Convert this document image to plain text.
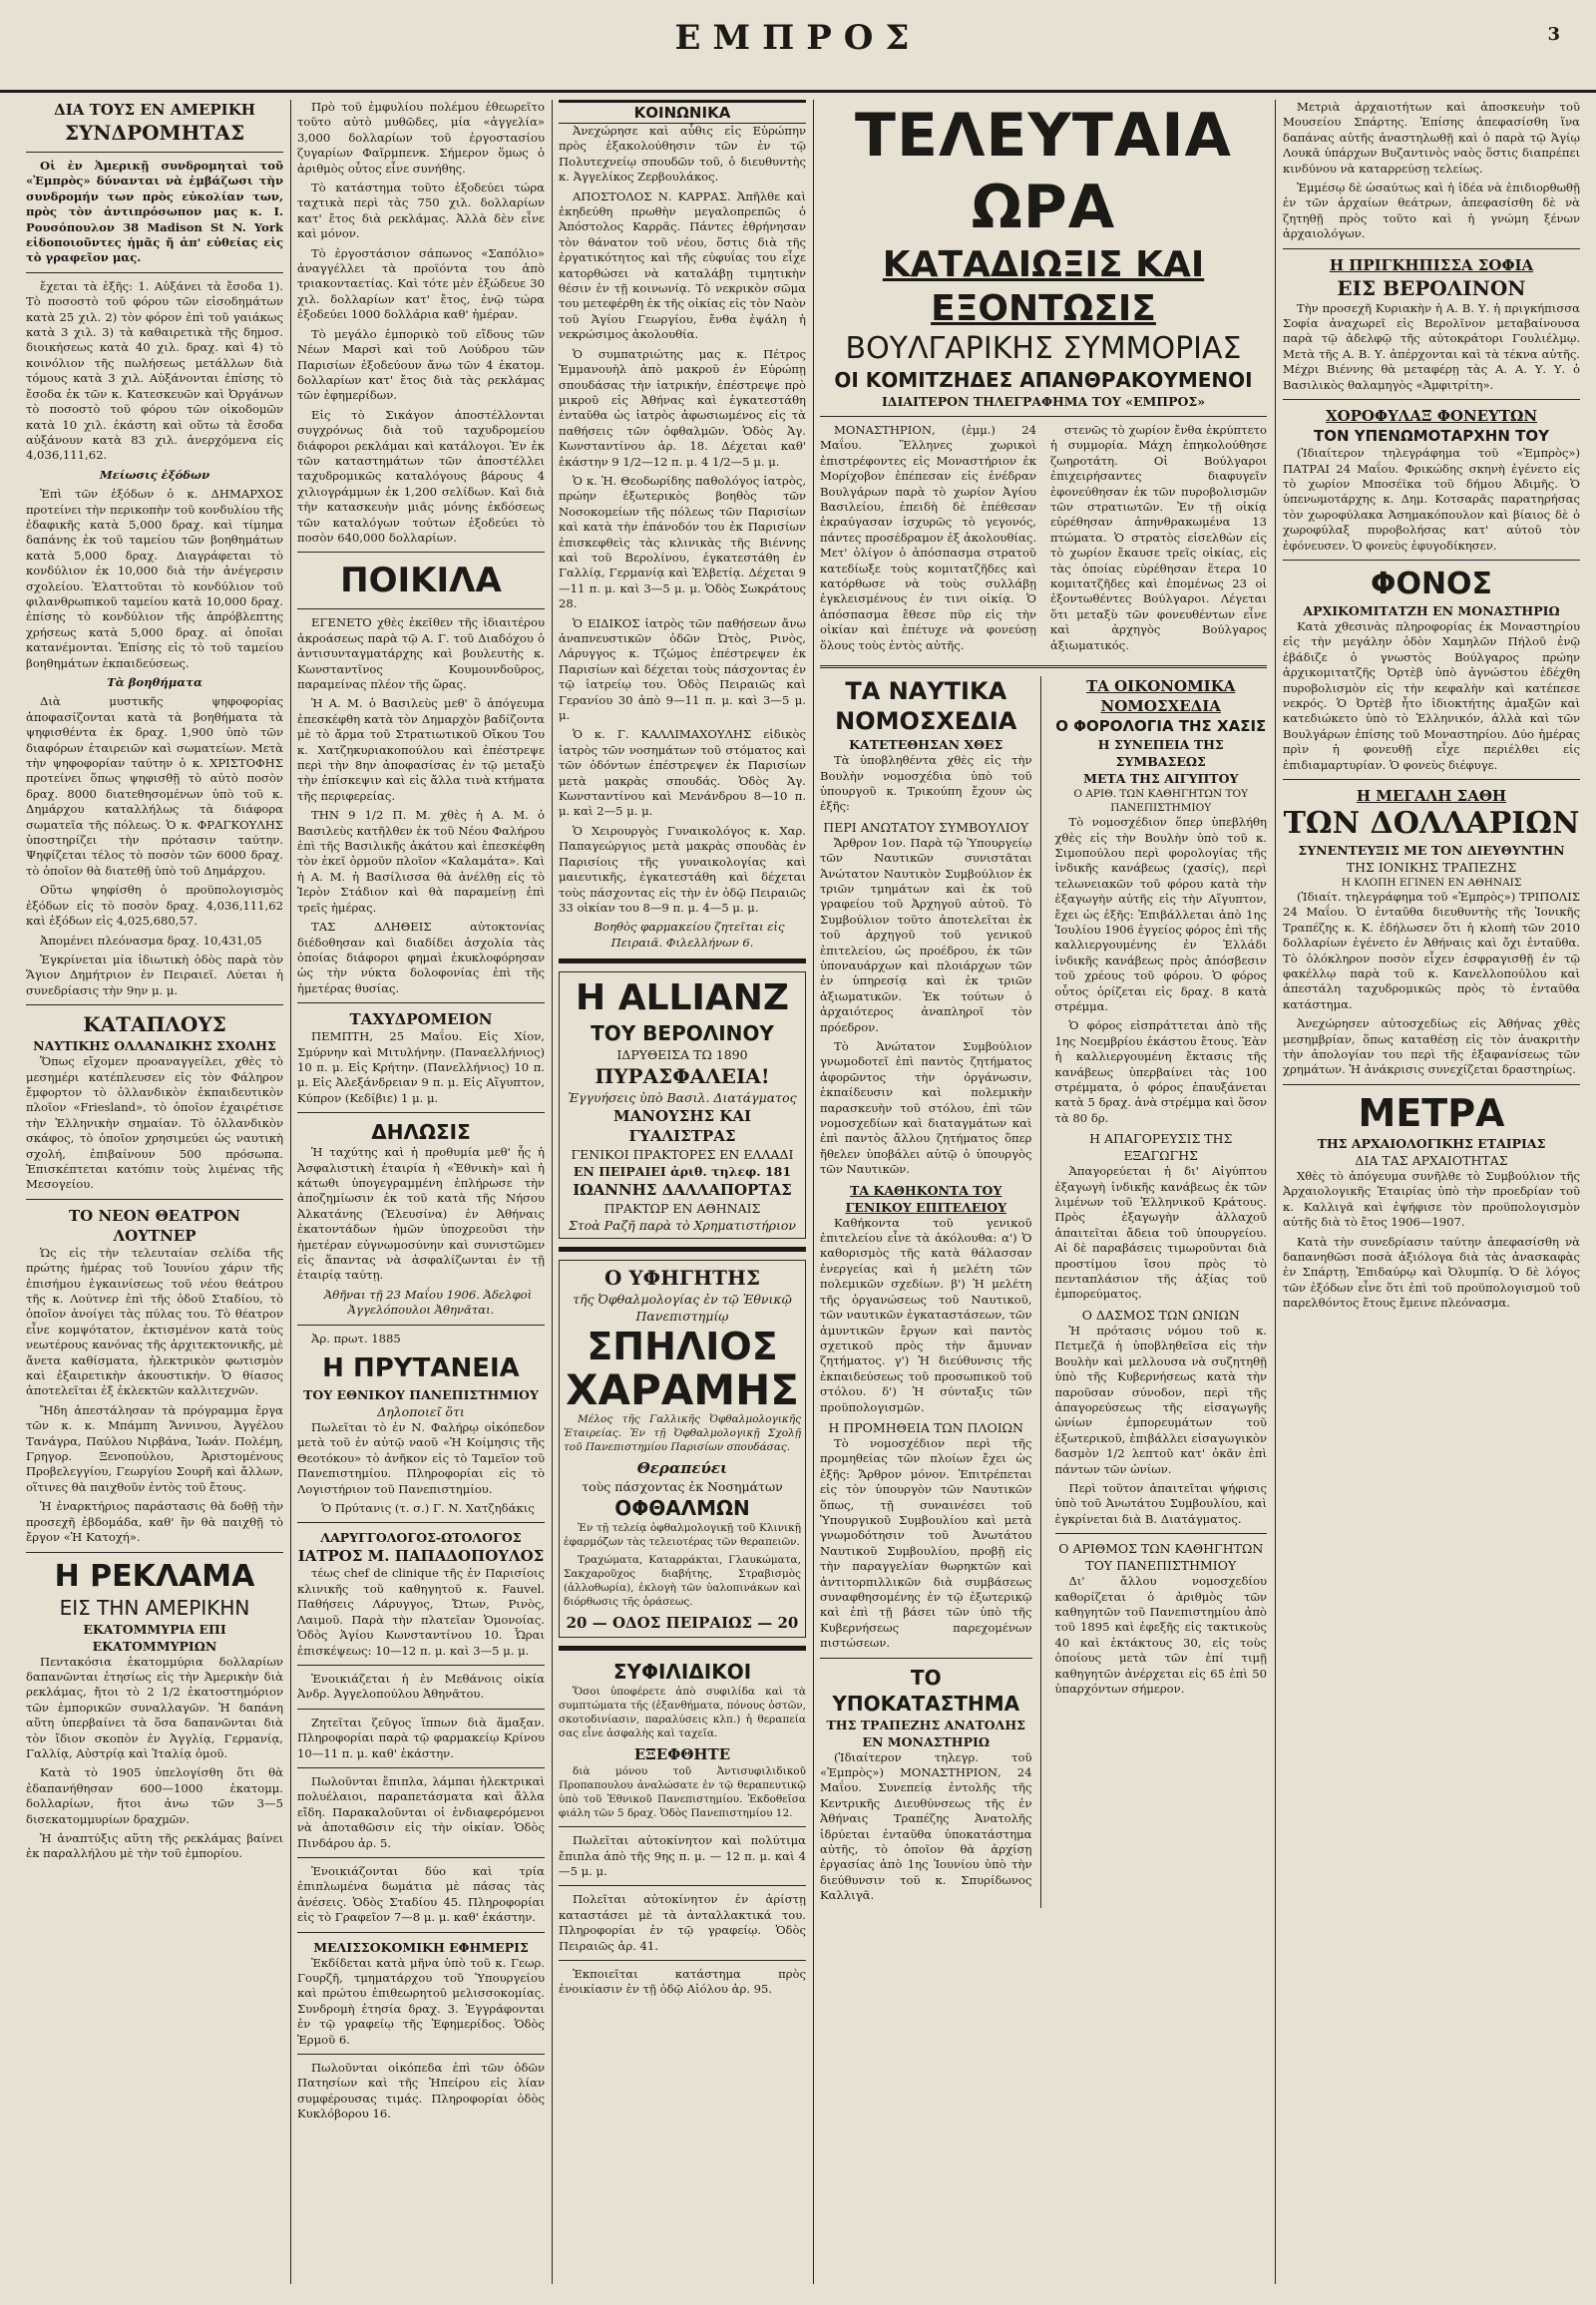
ΕΜΠΡΟΣ	3
ΔΙΑ ΤΟΥΣ ΕΝ ΑΜΕΡΙΚΗ
ΣΥΝΔΡΟΜΗΤΑΣ

Οἱ ἐν Ἀμερικῇ συνδρομηταὶ τοῦ «Ἐμπρὸς» δύνανται νὰ ἐμβάζωσι τὴν συνδρομήν των πρὸς εὐκολίαν των, πρὸς τὸν ἀντιπρόσωπον μας κ. Ι. Ρουσόπουλον 38 Madison St N. York εἰδοποιοῦντες ἡμᾶς ἤ ἀπ' εὐθείας εἰς τὸ γραφεῖον μας.

ἔχεται τὰ ἑξῆς: 1. Αὐξάνει τὰ ἔσοδα 1). Τὸ ποσοστὸ τοῦ φόρου τῶν εἰσοδημάτων κατὰ 25 χιλ. 2) τὸν φόρον ἐπὶ τοῦ γαιάκως κατὰ 3 χιλ. 3) τὰ καθαιρετικὰ τῆς δημοσ. διοικήσεως κατὰ 40 χιλ. δραχ. καὶ 4) τὸ κοινόλιον τῆς πωλήσεως μετάλλων διὰ τόμους κατὰ 3 χιλ. Αὐξάνονται ἐπίσης τὸ ἔσοδα ἐκ τῶν κ. Κατεσκευῶν καὶ Ὀργάνων τὸ ποσοστὸ τοῦ φόρου τῶν οἰκοδομῶν κατὰ 10 χιλ. ἐκάστη καὶ οὕτω τὰ ἔσοδα αὐξάνουν κατὰ 83 χιλ. ἀνερχόμενα εἰς 4,036,111,62.

Μείωσις ἐξόδων

Ἐπὶ τῶν ἐξόδων ὁ κ. ΔΗΜΑΡΧΟΣ προτείνει τὴν περικοπὴν τοῦ κονδυλίου τῆς ἐδαφικῆς κατὰ 5,000 δραχ. καὶ τίμημα δαπάνης ἐκ τοῦ ταμείου τῶν βοηθημάτων κατὰ 5,000 δραχ. Διαγράφεται τὸ κονδύλιον ἐκ 10,000 διὰ τὴν ἀνέγερσιν σχολείου. Ἐλαττοῦται τὸ κονδύλιον τοῦ φιλανθρωπικοῦ ταμείου κατὰ 10,000 δραχ. ἐπίσης τὸ κονδύλιον τῆς ἀπρόβλεπτης χρήσεως κατὰ 5,000 δραχ. αἱ ὁποῖαι κατανέμονται. Ἐπίσης εἰς τὸ τοῦ ταμείου βοηθημάτων ἐκπαιδεύσεως.

Τὰ βοηθήματα

Διὰ μυστικῆς ψηφοφορίας ἀποφασίζονται κατὰ τὰ βοηθήματα τὰ ψηφισθέντα ἐκ δραχ. 1,900 ὑπὸ τῶν διαφόρων ἑταιρειῶν καὶ σωματείων. Μετὰ τὴν ψηφοφορίαν ταύτην ὁ κ. ΧΡΙΣΤΟΦΗΣ προτείνει ὅπως ψηφισθῇ τὸ αὐτὸ ποσὸν δραχ. 8000 διατεθησομένων ὑπὸ τοῦ κ. Δημάρχου καταλλήλως τὰ διάφορα σωματεῖα τῆς πόλεως. Ὁ κ. ΦΡΑΓΚΟΥΛΗΣ ὑποστηρίζει τὴν πρότασιν ταύτην. Ψηφίζεται τέλος τὸ ποσὸν τῶν 6000 δραχ. τὸ ὁποῖον θὰ διατεθῇ ὑπὸ τοῦ Δημάρχου.

Οὕτω ψηφίσθη ὁ προϋπολογισμὸς ἐξόδων εἰς τὸ ποσὸν δραχ. 4,036,111,62 καὶ ἐξόδων εἰς 4,025,680,57.

Ἀπομένει πλεόνασμα δραχ. 10,431,05

Ἐγκρίνεται μία ἰδιωτικὴ ὁδὸς παρὰ τὸν Ἅγιον Δημήτριον ἐν Πειραιεῖ. Λύεται ἡ συνεδρίασις τὴν 9ην μ. μ.

ΚΑΤΑΠΛΟΥΣ
ΝΑΥΤΙΚΗΣ ΟΛΛΑΝΔΙΚΗΣ ΣΧΟΛΗΣ

Ὅπως εἴχομεν προαναγγείλει, χθὲς τὸ μεσημέρι κατέπλευσεν εἰς τὸν Φάληρον ἔμφορτον τὸ ὁλλανδικὸν ἐκπαιδευτικὸν πλοῖον «Friesland», τὸ ὁποῖον ἐχαιρέτισε τὴν Ἑλληνικὴν σημαίαν. Τὸ ὁλλανδικὸν σκάφος, τὸ ὁποῖον χρησιμεύει ὡς ναυτικὴ σχολή, ἐπιβαίνουν 500 πρόσωπα. Ἐπισκέπτεται κατόπιν τοὺς λιμένας τῆς Μεσογείου.

ΤΟ ΝΕΟΝ ΘΕΑΤΡΟΝ ΛΟΥΤΝΕΡ

Ὡς εἰς τὴν τελευταίαν σελίδα τῆς πρώτης ἡμέρας τοῦ Ἰουνίου χάριν τῆς ἐπισήμου ἐγκαινίσεως τοῦ νέου θεάτρου τῆς κ. Λούτνερ ἐπὶ τῆς ὁδοῦ Σταδίου, τὸ ὁποῖον ἀνοίγει τὰς πύλας του. Τὸ θέατρον εἶνε κομψότατον, ἐκτισμένον κατὰ τοὺς νεωτέρους κανόνας τῆς ἀρχιτεκτονικῆς, μὲ ἄνετα καθίσματα, ἠλεκτρικὸν φωτισμὸν καὶ ἐξαιρετικὴν ἀκουστικήν. Ὁ θίασος ἀποτελεῖται ἐξ ἐκλεκτῶν καλλιτεχνῶν.

Ἤδη ἀπεστάλησαν τὰ πρόγραμμα ἔργα τῶν κ. κ. Μπάμπη Ἄννινου, Ἀγγέλου Τανάγρα, Παύλου Νιρβάνα, Ἰωάν. Πολέμη, Γρηγορ. Ξενοπούλου, Ἀριστομένους Προβελεγγίου, Γεωργίου Σουρῆ καὶ ἄλλων, οἵτινες θὰ παιχθοῦν ἐντὸς τοῦ ἔτους.

Ἡ ἐναρκτήριος παράστασις θὰ δοθῇ τὴν προσεχῆ ἑβδομάδα, καθ' ἣν θὰ παιχθῇ τὸ ἔργον «Ἡ Κατοχή».

Η ΡΕΚΛΑΜΑ
ΕΙΣ ΤΗΝ ΑΜΕΡΙΚΗΝ
ΕΚΑΤΟΜΜΥΡΙΑ ΕΠΙ ΕΚΑΤΟΜΜΥΡΙΩΝ

Πεντακόσια ἑκατομμύρια δολλαρίων δαπανῶνται ἐτησίως εἰς τὴν Ἀμερικὴν διὰ ρεκλάμας, ἤτοι τὸ 2 1/2 ἑκατοστημόριον τῶν ἐμπορικῶν συναλλαγῶν. Ἡ δαπάνη αὕτη ὑπερβαίνει τὰ ὅσα δαπανῶνται διὰ τὸν ἴδιον σκοπὸν ἐν Ἀγγλίᾳ, Γερμανίᾳ, Γαλλίᾳ, Αὐστρίᾳ καὶ Ἰταλίᾳ ὁμοῦ.

Κατὰ τὸ 1905 ὑπελογίσθη ὅτι θὰ ἐδαπανήθησαν 600—1000 ἑκατομμ. δολλαρίων, ἤτοι ἀνω τῶν 3—5 δισεκατομμυρίων δραχμῶν.

Ἡ ἀναπτύξις αὕτη τῆς ρεκλάμας βαίνει ἐκ παραλλήλου μὲ τὴν τοῦ ἐμπορίου.

Πρὸ τοῦ ἐμφυλίου πολέμου ἐθεωρεῖτο τοῦτο αὐτὸ μυθῶδες, μία «ἀγγελία» 3,000 δολλαρίων τοῦ ἐργοστασίου ζυγαρίων Φαῖρμπενκ. Σήμερον ὅμως ὁ ἀριθμὸς οὗτος εἶνε συνήθης.

Τὸ κατάστημα τοῦτο ἐξοδεύει τώρα ταχτικὰ περὶ τὰς 750 χιλ. δολλαρίων κατ' ἔτος διὰ ρεκλάμας. Ἀλλὰ δὲν εἶνε καὶ μόνον.

Τὸ ἐργοστάσιον σάπωνος «Σαπόλιο» ἀναγγέλλει τὰ προϊόντα του ἀπὸ τριακονταετίας. Καὶ τότε μὲν ἐξώδευε 30 χιλ. δολλαρίων κατ' ἔτος, ἐνῷ τώρα ἐξοδεύει 1000 δολλάρια καθ' ἡμέραν.

Τὸ μεγάλο ἐμπορικὸ τοῦ εἴδους τῶν Νέων Μαρσὶ καὶ τοῦ Λούδρου τῶν Παρισίων ἐξοδεύουν ἄνω τῶν 4 ἑκατομ. δολλαρίων κατ' ἔτος διὰ τὰς ρεκλάμας τῶν ἐφημερίδων.

Εἰς τὸ Σικάγον ἀποστέλλονται συγχρόνως διὰ τοῦ ταχυδρομείου διάφοροι ρεκλάμαι καὶ κατάλογοι. Ἐν ἐκ τῶν καταστημάτων τῶν ἀποστέλλει ταχυδρομικῶς καταλόγους βάρους 4 χιλιογράμμων ἐκ 1,200 σελίδων. Καὶ διὰ τὴν κατασκευὴν μιᾶς μόνης ἐκδόσεως τῶν καταλόγων τούτων ἐξοδεύει τὸ ποσὸν 640,000 δολλαρίων.

ΠΟΙΚΙΛΑ

ΕΓΕΝΕΤΟ χθὲς ἐκεῖθεν τῆς ἰδιαιτέρου ἀκροάσεως παρὰ τῷ Α. Γ. τοῦ Διαδόχου ὁ ἀντισυνταγματάρχης καὶ βουλευτὴς κ. Κωνσταντῖνος Κουμουνδοῦρος, παραμείνας πλέον τῆς ὥρας.

Ἡ Α. Μ. ὁ Βασιλεὺς μεθ' ὃ ἀπόγευμα ἐπεσκέφθη κατὰ τὸν Δημαρχὸν βαδίζοντα μὲ τὸ ἄρμα τοῦ Στρατιωτικοῦ Οἴκου Του κ. Χατζηκυριακοπούλου καὶ ἐπέστρεψε περὶ τὴν 8ην ἀποφασίσας ἐν τῷ μεταξὺ τὴν ἐπίσκεψιν καὶ εἰς ἄλλα τινὰ κτήματα τῆς περιφερείας.

ΤΗΝ 9 1/2 Π. Μ. χθὲς ἡ Α. Μ. ὁ Βασιλεὺς κατῆλθεν ἐκ τοῦ Νέου Φαλήρου ἐπὶ τῆς Βασιλικῆς ἀκάτου καὶ ἐπεσκέφθη τὸν ἐκεῖ ὁρμοῦν πλοῖον «Καλαμάτα». Καὶ ἡ Α. Μ. ἡ Βασίλισσα θὰ ἀνέλθῃ εἰς τὸ Ἱερὸν Στάδιον καὶ θὰ παραμείνῃ ἐπὶ τρεῖς ἡμέρας.

ΤΑΣ ΔΛΗΘΕΙΣ αὐτοκτονίας διέδοθησαν καὶ διαδίδει ἀσχολία τὰς ὁποίας διάφοροι φημαὶ ἐκυκλοφόρησαν ὡς τὴν νύκτα δολοφονίας ἐπὶ τῆς ἡμετέρας θυσίας.

ΤΑΧΥΔΡΟΜΕΙΟΝ

ΠΕΜΠΤΗ, 25 Μαΐου. Εἰς Χίον, Σμύρνην καὶ Μιτυλήνην. (Παναελλήνιος) 10 π. μ. Εἰς Κρήτην. (Πανελλήνιος) 10 π. μ. Εἰς Ἀλεξάνδρειαν 9 π. μ. Εἰς Αἴγυπτον, Κύπρον (Κεδίβιε) 1 μ. μ.

ΔΗΛΩΣΙΣ

Ἡ ταχύτης καὶ ἡ προθυμία μεθ' ἧς ἡ Ἀσφαλιστικὴ ἑταιρία ἡ «Ἐθνικὴ» καὶ ἡ κάτωθι ὑπογεγραμμένη ἐπλήρωσε τὴν ἀποζημίωσιν ἐκ τοῦ κατὰ τῆς Νήσου Ἀλκατάνης (Ἐλευσίνα) ἐν Ἀθήναις ἐκατοντάδων ἡμῶν ὑποχρεοῦσι τὴν ἡμετέραν εὐγνωμοσύνην καὶ συνιστῶμεν εἰς ἅπαντας νὰ ἀσφαλίζωνται ἐν τῇ ἑταιρίᾳ ταύτῃ.

Ἀθῆναι τῇ 23 Μαΐου 1906. Ἀδελφοὶ Ἀγγελόπουλοι Ἀθηνᾶται.

Ἀρ. πρωτ. 1885

Η ΠΡΥΤΑΝΕΙΑ
ΤΟΥ ΕΘΝΙΚΟΥ ΠΑΝΕΠΙΣΤΗΜΙΟΥ
Δηλοποιεῖ ὅτι

Πωλεῖται τὸ ἐν Ν. Φαλήρῳ οἰκόπεδον μετὰ τοῦ ἐν αὐτῷ ναοῦ «Ἡ Κοίμησις τῆς Θεοτόκου» τὸ ἀνῆκον εἰς τὸ Ταμεῖον τοῦ Πανεπιστημίου. Πληροφορίαι εἰς τὸ Λογιστήριον τοῦ Πανεπιστημίου.

Ὁ Πρύτανις (τ. σ.) Γ. Ν. Χατζηδάκις

ΛΑΡΥΓΓΟΛΟΓΟΣ-ΩΤΟΛΟΓΟΣ
ΙΑΤΡΟΣ Μ. ΠΑΠΑΔΟΠΟΥΛΟΣ

τέως chef de clinique τῆς ἐν Παρισίοις κλινικῆς τοῦ καθηγητοῦ κ. Fauvel. Παθήσεις Λάρυγγος, Ὤτων, Ρινὸς, Λαιμοῦ. Παρὰ τὴν πλατεῖαν Ὁμονοίας. Ὁδὸς Ἁγίου Κωνσταντίνου 10. Ὧραι ἐπισκέψεως: 10—12 π. μ. καὶ 3—5 μ. μ.

Ἐνοικιάζεται ἡ ἐν Μεθάνοις οἰκία Ἀνδρ. Ἀγγελοπούλου Ἀθηνᾶτου.

Ζητεῖται ζεῦγος ἵππων διὰ ἅμαξαν. Πληροφορίαι παρὰ τῷ φαρμακείῳ Κρίνου 10—11 π. μ. καθ' ἑκάστην.

Πωλοῦνται ἔπιπλα, λάμπαι ἠλεκτρικαὶ πολυέλαιοι, παραπετάσματα καὶ ἄλλα εἴδη. Παρακαλοῦνται οἱ ἐνδιαφερόμενοι νὰ ἀποταθῶσιν εἰς τὴν οἰκίαν. Ὁδὸς Πινδάρου ἀρ. 5.

Ἐνοικιάζονται δύο καὶ τρία ἐπιπλωμένα δωμάτια μὲ πάσας τὰς ἀνέσεις. Ὁδὸς Σταδίου 45. Πληροφορίαι εἰς τὸ Γραφεῖον 7—8 μ. μ. καθ' ἑκάστην.

ΜΕΛΙΣΣΟΚΟΜΙΚΗ ΕΦΗΜΕΡΙΣ

Ἐκδίδεται κατὰ μῆνα ὑπὸ τοῦ κ. Γεωρ. Γουρζῆ, τμηματάρχου τοῦ Ὑπουργείου καὶ πρώτου ἐπιθεωρητοῦ μελισσοκομίας. Συνδρομὴ ἐτησία δραχ. 3. Ἐγγράφονται ἐν τῷ γραφείῳ τῆς Ἐφημερίδος. Ὁδὸς Ἑρμοῦ 6.

Πωλοῦνται οἰκόπεδα ἐπὶ τῶν ὁδῶν Πατησίων καὶ τῆς Ἠπείρου εἰς λίαν συμφέρουσας τιμάς. Πληροφορίαι ὁδὸς Κυκλόβορου 16.

ΚΟΙΝΩΝΙΚΑ

Ἀνεχώρησε καὶ αὖθις εἰς Εὐρώπην πρὸς ἐξακολούθησιν τῶν ἐν τῷ Πολυτεχνείῳ σπουδῶν τοῦ, ὁ διευθυντὴς κ. Ἀγγελίκος Ζερβουλάκος.

ΑΠΟΣΤΟΛΟΣ Ν. ΚΑΡΡΑΣ. Ἀπῆλθε καὶ ἐκηδεύθη πρωθὴν μεγαλοπρεπῶς ὁ Ἀπόστολος Καρρᾶς. Πάντες ἐθρήνησαν τὸν θάνατον τοῦ νέου, ὅστις διὰ τῆς ἐργατικότητος καὶ τῆς εὐφυΐας του εἶχε κατορθώσει νὰ καταλάβῃ τιμητικὴν θέσιν ἐν τῇ κοινωνίᾳ. Τὸ νεκρικὸν σῶμα του μετεφέρθη ἐκ τῆς οἰκίας εἰς τὸν Ναὸν τοῦ Ἁγίου Γεωργίου, ἔνθα ἐψάλη ἡ νεκρώσιμος ἀκολουθία.

Ὁ συμπατριώτης μας κ. Πέτρος Ἐμμανουὴλ ἀπὸ μακροῦ ἐν Εὐρώπῃ σπουδάσας τὴν ἰατρικήν, ἐπέστρεψε πρὸ μικροῦ εἰς Ἀθήνας καὶ ἐγκατεστάθη ἐνταῦθα ὡς ἰατρὸς ἀφωσιωμένος εἰς τὰ παθήσεις τῶν ὀφθαλμῶν. Ὁδὸς Ἁγ. Κωνσταντίνου ἀρ. 18. Δέχεται καθ' ἑκάστην 9 1/2—12 π. μ. 4 1/2—5 μ. μ.

Ὁ κ. Ἠ. Θεοδωρίδης παθολόγος ἰατρὸς, πρώην ἐξωτερικὸς βοηθὸς τῶν Νοσοκομείων τῆς πόλεως τῶν Παρισίων καὶ κατὰ τὴν ἐπάνοδόν του ἐκ Παρισίων ἐπισκεφθεὶς τὰς κλινικὰς τῆς Βιέννης καὶ τοῦ Βερολίνου, ἐγκατεστάθη ἐν Γαλλίᾳ, Γερμανίᾳ καὶ Ἑλβετίᾳ. Δέχεται 9—11 π. μ. καὶ 3—5 μ. μ. Ὁδὸς Σωκράτους 28.

Ὁ ΕΙΔΙΚΟΣ ἰατρὸς τῶν παθήσεων ἄνω ἀναπνευστικῶν ὁδῶν Ὠτὸς, Ρινὸς, Λάρυγγος κ. Τζώμος ἐπέστρεψεν ἐκ Παρισίων καὶ δέχεται τοὺς πάσχοντας ἐν τῷ ἰατρείῳ του. Ὁδὸς Πειραιῶς καὶ Γερανίου 30 ἀπὸ 9—11 π. μ. καὶ 3—5 μ. μ.

Ὁ κ. Γ. ΚΑΛΛΙΜΑΧΟΥΛΗΣ εἰδικὸς ἰατρὸς τῶν νοσημάτων τοῦ στόματος καὶ τῶν ὀδόντων ἐπέστρεψεν ἐκ Παρισίων μετὰ μακρὰς σπουδάς. Ὁδὸς Ἁγ. Κωνσταντίνου καὶ Μενάνδρου 8—10 π. μ. καὶ 2—5 μ. μ.

Ὁ Χειρουργὸς Γυναικολόγος κ. Χαρ. Παπαγεώργιος μετὰ μακρὰς σπουδὰς ἐν Παρισίοις τῆς γυναικολογίας καὶ μαιευτικῆς, ἐγκατεστάθη καὶ δέχεται τοὺς πάσχοντας εἰς τὴν ἐν ὁδῷ Πειραιῶς 33 οἰκίαν του 8—9 π. μ. 4—5 μ. μ.

Βοηθὸς φαρμακείου ζητεῖται εἰς Πειραιᾶ. Φιλελλήνων 6.

Η ALLIANZ
ΤΟΥ ΒΕΡΟΛΙΝΟΥ
ΙΔΡΥΘΕΙΣΑ ΤΩ 1890
ΠΥΡΑΣΦΑΛΕΙΑ!
Ἐγγυήσεις ὑπὸ Βασιλ. Διατάγματος
ΜΑΝΟΥΣΗΣ ΚΑΙ ΓΥΑΛΙΣΤΡΑΣ
ΓΕΝΙΚΟΙ ΠΡΑΚΤΟΡΕΣ ΕΝ ΕΛΛΑΔΙ
ΕΝ ΠΕΙΡΑΙΕΙ ἀριθ. τηλεφ. 181
ΙΩΑΝΝΗΣ ΔΑΛΛΑΠΟΡΤΑΣ
ΠΡΑΚΤΩΡ ΕΝ ΑΘΗΝΑΙΣ
Στοὰ Ραζῆ παρὰ τὸ Χρηματιστήριον
Ο ΥΦΗΓΗΤΗΣ
τῆς Ὀφθαλμολογίας ἐν τῷ Ἐθνικῷ Πανεπιστημίῳ
ΣΠΗΛΙΟΣ
ΧΑΡΑΜΗΣ

Μέλος τῆς Γαλλικῆς Ὀφθαλμολογικῆς Ἑταιρείας. Ἐν τῇ Ὀφθαλμολογικῇ Σχολῇ τοῦ Πανεπιστημίου Παρισίων σπουδάσας.

Θεραπεύει
τοὺς πάσχοντας ἐκ Νοσημάτων
ΟΦΘΑΛΜΩΝ

Ἐν τῇ τελείᾳ ὀφθαλμολογικῇ τοῦ Κλινικῇ ἐφαρμόζων τὰς τελειοτέρας τῶν θεραπειῶν.

Τραχώματα, Καταρράκται, Γλαυκώματα, Σακχαροῦχος διαβήτης, Στραβισμὸς (ἀλλοθωρία), ἐκλογὴ τῶν ὑαλοπινάκων καὶ διόρθωσις τῆς ὁράσεως.

20 — ΟΔΟΣ ΠΕΙΡΑΙΩΣ — 20
ΣΥΦΙΛΙΔΙΚΟΙ

Ὅσοι ὑποφέρετε ἀπὸ συφιλίδα καὶ τὰ συμπτώματα τῆς (ἐξανθήματα, πόνους ὀστῶν, σκοτοδινίασιν, παραλύσεις κλπ.) ἡ θεραπεία σας εἶνε ἀσφαλὴς καὶ ταχεῖα.

ΕΞΕΦΘΗΤΕ

διὰ μόνου τοῦ Ἀντισυφιλιδικοῦ Προπαπουλου ἀναλώσατε ἐν τῷ θεραπευτικῷ ὑπὸ τοῦ Ἐθνικοῦ Πανεπιστημίου. Ἐκδοθεῖσα φιάλη τῶν 5 δραχ. Ὁδὸς Πανεπιστημίου 12.

Πωλεῖται αὐτοκίνητον καὶ πολύτιμα ἔπιπλα ἀπὸ τῆς 9ης π. μ. — 12 π. μ. καὶ 4—5 μ. μ.

Πολεῖται αὐτοκίνητον ἐν ἀρίστῃ καταστάσει μὲ τὰ ἀνταλλακτικά του. Πληροφορίαι ἐν τῷ γραφείῳ. Ὁδὸς Πειραιῶς ἀρ. 41.

Ἐκποιεῖται κατάστημα πρὸς ἐνοικίασιν ἐν τῇ ὁδῷ Αἰόλου ἀρ. 95.

ΤΕΛΕΥΤΑΙΑ ΩΡΑ
ΚΑΤΑΔΙΩΞΙΣ ΚΑΙ ΕΞΟΝΤΩΣΙΣ
ΒΟΥΛΓΑΡΙΚΗΣ ΣΥΜΜΟΡΙΑΣ
ΟΙ ΚΟΜΙΤΖΗΔΕΣ ΑΠΑΝΘΡΑΚΟΥΜΕΝΟΙ
ΙΔΙΑΙΤΕΡΟΝ ΤΗΛΕΓΡΑΦΗΜΑ ΤΟΥ «ΕΜΠΡΟΣ»

ΜΟΝΑΣΤΗΡΙΟΝ, (ἐμμ.) 24 Μαΐου. Ἕλληνες χωρικοὶ ἐπιστρέφοντες εἰς Μοναστήριον ἐκ Μορίχοβον ἐπέπεσαν εἰς ἐνέδραν Βουλγάρων παρὰ τὸ χωρίον Ἀγίου Βασιλείου, ἐπειδὴ δὲ ἐπέθεσαν ἐκραύγασαν ἰσχυρῶς τὸ γεγονός, πάντες προσέδραμον ἐξ ἀκολουθίας. Μετ' ὀλίγον ὁ ἀπόσπασμα στρατοῦ κατεδίωξε τοὺς κομιτατζῆδες καὶ κατόρθωσε νὰ τοὺς συλλάβῃ ἐγκλεισμένους ἐν τινι οἰκίᾳ. Ὁ ἀπόσπασμα ἔθεσε πῦρ εἰς τὴν οἰκίαν καὶ ἐπέτυχε νὰ φονεύσῃ ὅλους τοὺς ἐντὸς αὐτῆς.

στενῶς τὸ χωρίον ἔνθα ἐκρύπτετο ἡ συμμορία. Μάχη ἐπηκολούθησε ζωηροτάτη. Οἱ Βούλγαροι ἐπιχειρήσαντες διαφυγεῖν ἐφονεύθησαν ἐκ τῶν πυροβολισμῶν τῶν στρατιωτῶν. Ἐν τῇ οἰκίᾳ εὑρέθησαν ἀπηνθρακωμένα 13 πτώματα. Ὁ στρατὸς εἰσελθὼν εἰς τὸ χωρίον ἔκαυσε τρεῖς οἰκίας, εἰς τὰς ὁποίας εὑρέθησαν ἕτερα 10 κομιτατζῆδες καὶ ἐπομένως 23 οἱ ἐξοντωθέντες Βούλγαροι. Λέγεται ὅτι μεταξὺ τῶν φονευθέντων εἶνε καὶ ἀρχηγὸς Βούλγαρος ἀξιωματικός.

ΤΑ ΝΑΥΤΙΚΑ
ΝΟΜΟΣΧΕΔΙΑ
ΚΑΤΕΤΕΘΗΣΑΝ ΧΘΕΣ

Τὰ ὑποβληθέντα χθὲς εἰς τὴν Βουλὴν νομοσχέδια ὑπὸ τοῦ ὑπουργοῦ κ. Τρικούπη ἔχουν ὡς ἑξῆς:

ΠΕΡΙ ΑΝΩΤΑΤΟΥ ΣΥΜΒΟΥΛΙΟΥ

Ἄρθρον 1ον. Παρὰ τῷ Ὑπουργείῳ τῶν Ναυτικῶν συνιστᾶται Ἀνώτατον Ναυτικὸν Συμβούλιον ἐκ τριῶν τμημάτων καὶ ἐκ τοῦ γραφείου τοῦ Ἀρχηγοῦ αὐτοῦ. Τὸ Συμβούλιον τοῦτο ἀποτελεῖται ἐκ τοῦ ἀρχηγοῦ τοῦ γενικοῦ ἐπιτελείου, ὡς προέδρου, ἐκ τῶν ὑποναυάρχων καὶ πλοιάρχων τῶν ἐν ὑπηρεσίᾳ καὶ ἐκ τριῶν ἀξιωματικῶν. Ἐκ τούτων ὁ ἀρχαιότερος ἀναπληροῖ τὸν πρόεδρον.

Τὸ Ἀνώτατον Συμβούλιον γνωμοδοτεῖ ἐπὶ παντὸς ζητήματος ἀφορῶντος τὴν ὀργάνωσιν, ἐκπαίδευσιν καὶ πολεμικὴν παρασκευὴν τοῦ στόλου, ἐπὶ τῶν νομοσχεδίων καὶ διαταγμάτων καὶ ἐπὶ παντὸς ἄλλου ζητήματος ὅπερ ἤθελεν ὑποβάλει αὐτῷ ὁ ὑπουργὸς τῶν Ναυτικῶν.

ΤΑ ΚΑΘΗΚΟΝΤΑ ΤΟΥ ΓΕΝΙΚΟΥ ΕΠΙΤΕΛΕΙΟΥ

Καθήκοντα τοῦ γενικοῦ ἐπιτελείου εἶνε τὰ ἀκόλουθα: α') Ὁ καθορισμὸς τῆς κατὰ θάλασσαν ἐνεργείας καὶ ἡ μελέτη τῶν πολεμικῶν σχεδίων. β') Ἡ μελέτη τῆς ὀργανώσεως τοῦ Ναυτικοῦ, τῶν ναυτικῶν ἐγκαταστάσεων, τῶν ἀμυντικῶν ἔργων καὶ παντὸς σχετικοῦ πρὸς τὴν ἄμυναν ζητήματος. γ') Ἡ διεύθυνσις τῆς ἐκπαιδεύσεως τοῦ προσωπικοῦ τοῦ στόλου. δ') Ἡ σύνταξις τῶν προϋπολογισμῶν.

Η ΠΡΟΜΗΘΕΙΑ ΤΩΝ ΠΛΟΙΩΝ

Τὸ νομοσχέδιον περὶ τῆς προμηθείας τῶν πλοίων ἔχει ὡς ἑξῆς: Ἄρθρον μόνον. Ἐπιτρέπεται εἰς τὸν ὑπουργὸν τῶν Ναυτικῶν ὅπως, τῇ συναινέσει τοῦ Ὑπουργικοῦ Συμβουλίου καὶ μετὰ γνωμοδότησιν τοῦ Ἀνωτάτου Ναυτικοῦ Συμβουλίου, προβῇ εἰς τὴν παραγγελίαν θωρηκτῶν καὶ ἀντιτορπιλλικῶν διὰ συμβάσεως συναφθησομένης ἐν τῷ ἐξωτερικῷ καὶ ἐπὶ τῇ βάσει τῶν ὑπὸ τῆς Κυβερνήσεως παρεχομένων πιστώσεων.

ΤΟ ΥΠΟΚΑΤΑΣΤΗΜΑ
ΤΗΣ ΤΡΑΠΕΖΗΣ ΑΝΑΤΟΛΗΣ ΕΝ ΜΟΝΑΣΤΗΡΙΩ

(Ἰδιαίτερον τηλεγρ. τοῦ «Ἐμπρὸς») ΜΟΝΑΣΤΗΡΙΟΝ, 24 Μαΐου. Συνεπείᾳ ἐντολῆς τῆς Κεντρικῆς Διευθύνσεως τῆς ἐν Ἀθήναις Τραπέζης Ἀνατολῆς ἱδρύεται ἐνταῦθα ὑποκατάστημα αὐτῆς, τὸ ὁποῖον θὰ ἀρχίσῃ ἐργασίας ἀπὸ 1ης Ἰουνίου ὑπὸ τὴν διεύθυνσιν τοῦ κ. Σπυρίδωνος Καλλιγᾶ.

ΤΑ ΟΙΚΟΝΟΜΙΚΑ ΝΟΜΟΣΧΕΔΙΑ
Ο ΦΟΡΟΛΟΓΙΑ ΤΗΣ ΧΑΣΙΣ
Η ΣΥΝΕΠΕΙΑ ΤΗΣ ΣΥΜΒΑΣΕΩΣ
ΜΕΤΑ ΤΗΣ ΑΙΓΥΠΤΟΥ
Ο ΑΡΙΘ. ΤΩΝ ΚΑΘΗΓΗΤΩΝ ΤΟΥ ΠΑΝΕΠΙΣΤΗΜΙΟΥ

Τὸ νομοσχέδιον ὅπερ ὑπεβλήθη χθὲς εἰς τὴν Βουλὴν ὑπὸ τοῦ κ. Σιμοπούλου περὶ φορολογίας τῆς ἰνδικῆς κανάβεως (χασίς), περὶ τελωνειακῶν τοῦ φόρου κατὰ τὴν ἐξαγωγὴν αὐτῆς εἰς τὴν Αἴγυπτον, ἔχει ὡς ἑξῆς: Ἐπιβάλλεται ἀπὸ 1ης Ἰουλίου 1906 ἐγγείος φόρος ἐπὶ τῆς καλλιεργουμένης ἐν Ἑλλάδι ἰνδικῆς κανάβεως πρὸς ἀπόσβεσιν τοῦ χρέους τοῦ φόρου. Ὁ φόρος οὗτος ὁρίζεται εἰς δραχ. 8 κατὰ στρέμμα.

Ὁ φόρος εἰσπράττεται ἀπὸ τῆς 1ης Νοεμβρίου ἑκάστου ἔτους. Ἐὰν ἡ καλλιεργουμένη ἔκτασις τῆς κανάβεως ὑπερβαίνει τὰς 100 στρέμματα, ὁ φόρος ἐπαυξάνεται κατὰ 5 δραχ. ἀνὰ στρέμμα καὶ ὅσον τὰ 80 δρ.

Η ΑΠΑΓΟΡΕΥΣΙΣ ΤΗΣ ΕΞΑΓΩΓΗΣ

Ἀπαγορεύεται ἡ δι' Αἰγύπτου ἐξαγωγὴ ἰνδικῆς κανάβεως ἐκ τῶν λιμένων τοῦ Ἑλληνικοῦ Κράτους. Πρὸς ἐξαγωγὴν ἀλλαχοῦ ἀπαιτεῖται ἄδεια τοῦ ὑπουργείου. Αἱ δὲ παραβάσεις τιμωροῦνται διὰ προστίμου ἴσου πρὸς τὸ πενταπλάσιον τῆς ἀξίας τοῦ ἐμπορεύματος.

Ο ΔΑΣΜΟΣ ΤΩΝ ΩΝΙΩΝ

Ἡ πρότασις νόμου τοῦ κ. Πετμεζᾶ ἡ ὑποβληθεῖσα εἰς τὴν Βουλὴν καὶ μελλουσα νὰ συζητηθῇ ὑπὸ τῆς Κυβερνήσεως κατὰ τὴν παροῦσαν σύνοδον, περὶ τῆς ἀπαγορεύσεως τῆς εἰσαγωγῆς ὠνίων ἐμπορευμάτων τοῦ ἐξωτερικοῦ, ἐπιβάλλει εἰσαγωγικὸν δασμὸν 1/2 λεπτοῦ κατ' ὀκᾶν ἐπὶ πάντων τῶν ὠνίων.

Περὶ τοῦτον ἀπαιτεῖται ψήφισις ὑπὸ τοῦ Ἀνωτάτου Συμβουλίου, καὶ ἐγκρίνεται διὰ Β. Διατάγματος.

Ο ΑΡΙΘΜΟΣ ΤΩΝ ΚΑΘΗΓΗΤΩΝ ΤΟΥ ΠΑΝΕΠΙΣΤΗΜΙΟΥ

Δι' ἄλλου νομοσχεδίου καθορίζεται ὁ ἀριθμὸς τῶν καθηγητῶν τοῦ Πανεπιστημίου ἀπὸ τοῦ 1895 καὶ ἐφεξῆς εἰς τακτικοὺς 40 καὶ ἐκτάκτους 30, εἰς τοὺς ὁποίους μετὰ τῶν ἐπί τιμῇ καθηγητῶν ἀνέρχεται εἰς 65 ἐπὶ 50 ὑπαρχόντων σήμερον.

Μετριὰ ἀρχαιοτήτων καὶ ἀποσκευὴν τοῦ Μουσείου Σπάρτης. Ἐπίσης ἀπεφασίσθη ἵνα δαπάνας αὐτῆς ἀναστηλωθῇ καὶ ὁ παρὰ τῷ Ἁγίῳ Λουκᾶ ὑπάρχων Βυζαντινὸς ναὸς ὅστις διαπρέπει κινδύνου νὰ καταρρεύσῃ τελείως.

Ἐμμέσῳ δὲ ὡσαύτως καὶ ἡ ἰδέα νὰ ἐπιδιορθωθῇ ἐν τῶν ἀρχαίων θεάτρων, ἀπεφασίσθη δὲ νὰ ζητηθῇ πρὸς τοῦτο καὶ ἡ γνώμη ξένων ἀρχαιολόγων.

Η ΠΡΙΓΚΗΠΙΣΣΑ ΣΟΦΙΑ
ΕΙΣ ΒΕΡΟΛΙΝΟΝ

Τὴν προσεχῆ Κυριακὴν ἡ Α. Β. Υ. ἡ πριγκήπισσα Σοφία ἀναχωρεῖ εἰς Βερολῖνον μεταβαίνουσα παρὰ τῷ ἀδελφῷ τῆς αὐτοκράτορι Γουλιέλμῳ. Μετὰ τῆς Α. Β. Υ. ἀπέρχονται καὶ τὰ τέκνα αὐτῆς. Μέχρι Βιέννης θὰ μεταφέρῃ τὰς Α. Α. Υ. Υ. ὁ Βασιλικὸς θαλαμηγὸς «Ἀμφιτρίτη».

ΧΟΡΟΦΥΛΑΞ ΦΟΝΕΥΤΩΝ
ΤΟΝ ΥΠΕΝΩΜΟΤΑΡΧΗΝ ΤΟΥ

(Ἰδιαίτερον τηλεγράφημα τοῦ «Ἐμπρὸς») ΠΑΤΡΑΙ 24 Μαΐου. Φρικώδης σκηνὴ ἐγένετο εἰς τὸ χωρίον Μποσέϊκα τοῦ δήμου Ἀδιμῆς. Ὁ ὑπενωμοτάρχης κ. Δημ. Κοτσαρᾶς παρατηρήσας τὸν χωροφύλακα Ἀσημακόπουλον καὶ βίαιος δὲ ὁ χωροφύλαξ πυροβολήσας κατ' αὐτοῦ τὸν ἐφόνευσεν. Ὁ φονεὺς ἐφυγοδίκησεν.

ΦΟΝΟΣ
ΑΡΧΙΚΟΜΙΤΑΤΖΗ ΕΝ ΜΟΝΑΣΤΗΡΙΩ

Κατὰ χθεσινὰς πληροφορίας ἐκ Μοναστηρίου εἰς τὴν μεγάλην ὁδὸν Χαμηλῶν Πήλοῦ ἐνῷ ἐβάδιζε ὁ γνωστὸς Βούλγαρος πρώην ἀρχικομιτατζῆς Ὀρτὲβ ὑπὸ ἀγνώστου ἐδέχθη πυροβολισμὸν εἰς τὴν κεφαλὴν καὶ κατέπεσε νεκρός. Ὁ Ὀρτὲβ ἦτο ἰδιοκτήτης ἀμαξῶν καὶ κατεδιώκετο ὑπὸ τὸ Ἑλληνικόν, ἀλλὰ καὶ τῶν Βουλγάρων ἐπίσης τοῦ Μοναστηρίου. Δύο ἡμέρας πρὶν ἡ φονευθῇ εἶχε περιέλθει εἰς ἐπιδιαμαρτυρίαν. Ὁ φονεὺς διέφυγε.

Η ΜΕΓΑΛΗ ΣΑΘΗ
ΤΩΝ ΔΟΛΛΑΡΙΩΝ
ΣΥΝΕΝΤΕΥΞΙΣ ΜΕ ΤΟΝ ΔΙΕΥΘΥΝΤΗΝ
ΤΗΣ ΙΟΝΙΚΗΣ ΤΡΑΠΕΖΗΣ
Η ΚΛΟΠΗ ΕΓΙΝΕΝ ΕΝ ΑΘΗΝΑΙΣ

(Ἰδιαίτ. τηλεγράφημα τοῦ «Ἐμπρὸς») ΤΡΙΠΟΛΙΣ 24 Μαΐου. Ὁ ἐνταῦθα διευθυντὴς τῆς Ἰονικῆς Τραπέζης κ. Κ. ἐδήλωσεν ὅτι ἡ κλοπὴ τῶν 2010 δολλαρίων ἐγένετο ἐν Ἀθήναις καὶ ὄχι ἐνταῦθα. Τὸ ὁλόκληρον ποσὸν εἶχεν ἐσφραγισθῇ ἐν τῷ φακέλλῳ παρὰ τοῦ κ. Κανελλοπούλου καὶ ἀπεστάλη ταχυδρομικῶς πρὸς τὸ ἐνταῦθα κατάστημα.

Ἀνεχώρησεν αὐτοσχεδίως εἰς Ἀθήνας χθὲς μεσημβρίαν, ὅπως καταθέσῃ εἰς τὸν ἀνακριτὴν τὴν ἀπολογίαν του περὶ τῆς ἐξαφανίσεως τῶν χρημάτων. Ἡ ἀνάκρισις συνεχίζεται δραστηρίως.

ΜΕΤΡΑ
ΤΗΣ ΑΡΧΑΙΟΛΟΓΙΚΗΣ ΕΤΑΙΡΙΑΣ
ΔΙΑ ΤΑΣ ΑΡΧΑΙΟΤΗΤΑΣ

Χθὲς τὸ ἀπόγευμα συνῆλθε τὸ Συμβούλιον τῆς Ἀρχαιολογικῆς Ἑταιρίας ὑπὸ τὴν προεδρίαν τοῦ κ. Καλλιγᾶ καὶ ἐψήφισε τὸν προϋπολογισμὸν αὐτῆς διὰ τὸ ἔτος 1906—1907.

Κατὰ τὴν συνεδρίασιν ταύτην ἀπεφασίσθη νὰ δαπανηθῶσι ποσὰ ἀξιόλογα διὰ τὰς ἀνασκαφὰς ἐν Σπάρτῃ, Ἐπιδαύρῳ καὶ Ὀλυμπίᾳ. Ὁ δὲ λόγος τῶν ἐξόδων εἶνε ὅτι ἐπὶ τοῦ προϋπολογισμοῦ τοῦ παρελθόντος ἔτους ἔμεινε πλεόνασμα.
